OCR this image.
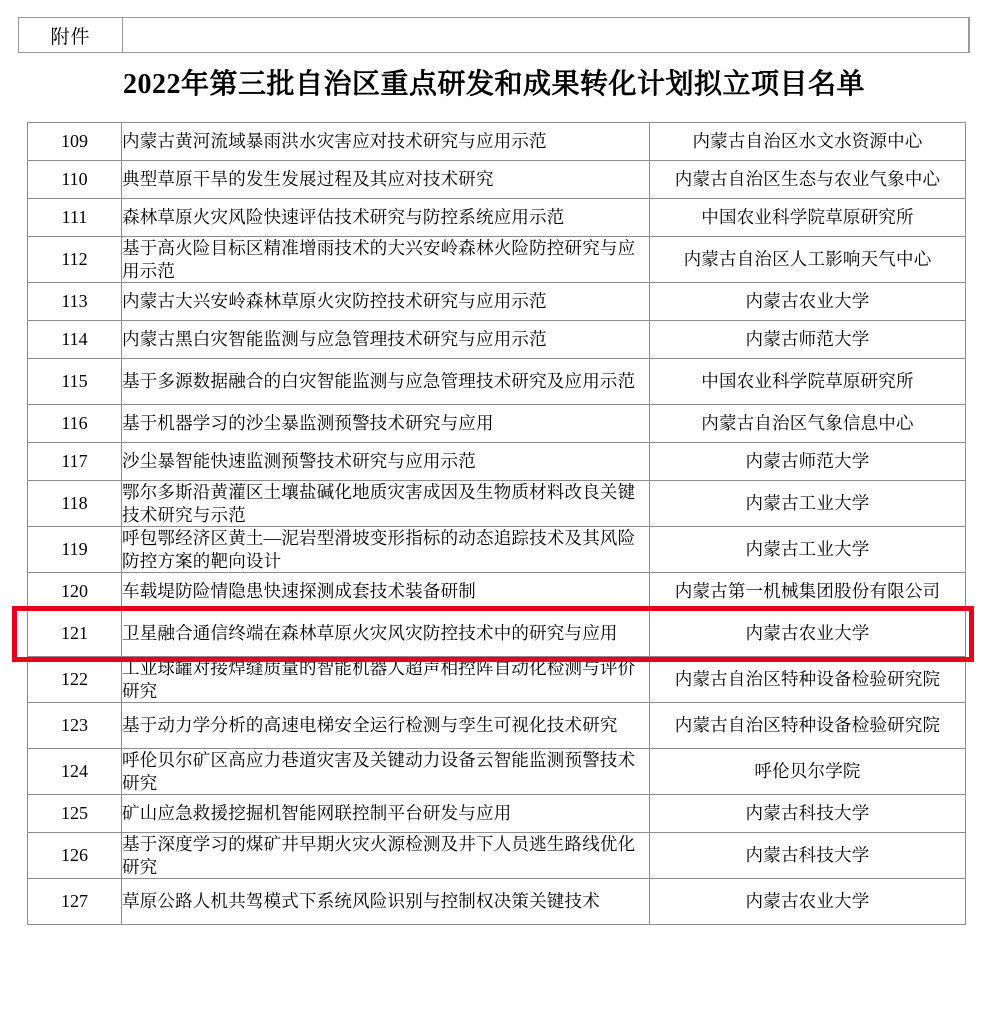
附件
2022年第三批自治区重点研发和成果转化计划拟立项目名单
109	内蒙古黄河流域暴雨洪水灾害应对技术研究与应用示范	内蒙古自治区水文水资源中心
110	典型草原干旱的发生发展过程及其应对技术研究	内蒙古自治区生态与农业气象中心
111	森林草原火灾风险快速评估技术研究与防控系统应用示范	中国农业科学院草原研究所
112	基于高火险目标区精准增雨技术的大兴安岭森林火险防控研究与应用示范	内蒙古自治区人工影响天气中心
113	内蒙古大兴安岭森林草原火灾防控技术研究与应用示范	内蒙古农业大学
114	内蒙古黑白灾智能监测与应急管理技术研究与应用示范	内蒙古师范大学
115	基于多源数据融合的白灾智能监测与应急管理技术研究及应用示范	中国农业科学院草原研究所
116	基于机器学习的沙尘暴监测预警技术研究与应用	内蒙古自治区气象信息中心
117	沙尘暴智能快速监测预警技术研究与应用示范	内蒙古师范大学
118	鄂尔多斯沿黄灌区土壤盐碱化地质灾害成因及生物质材料改良关键技术研究与示范	内蒙古工业大学
119	呼包鄂经济区黄土—泥岩型滑坡变形指标的动态追踪技术及其风险防控方案的靶向设计	内蒙古工业大学
120	车载堤防险情隐患快速探测成套技术装备研制	内蒙古第一机械集团股份有限公司
121	卫星融合通信终端在森林草原火灾风灾防控技术中的研究与应用	内蒙古农业大学
122	工业球罐对接焊缝质量的智能机器人超声相控阵自动化检测与评价研究	内蒙古自治区特种设备检验研究院
123	基于动力学分析的高速电梯安全运行检测与孪生可视化技术研究	内蒙古自治区特种设备检验研究院
124	呼伦贝尔矿区高应力巷道灾害及关键动力设备云智能监测预警技术研究	呼伦贝尔学院
125	矿山应急救援挖掘机智能网联控制平台研发与应用	内蒙古科技大学
126	基于深度学习的煤矿井早期火灾火源检测及井下人员逃生路线优化研究	内蒙古科技大学
127	草原公路人机共驾模式下系统风险识别与控制权决策关键技术	内蒙古农业大学
